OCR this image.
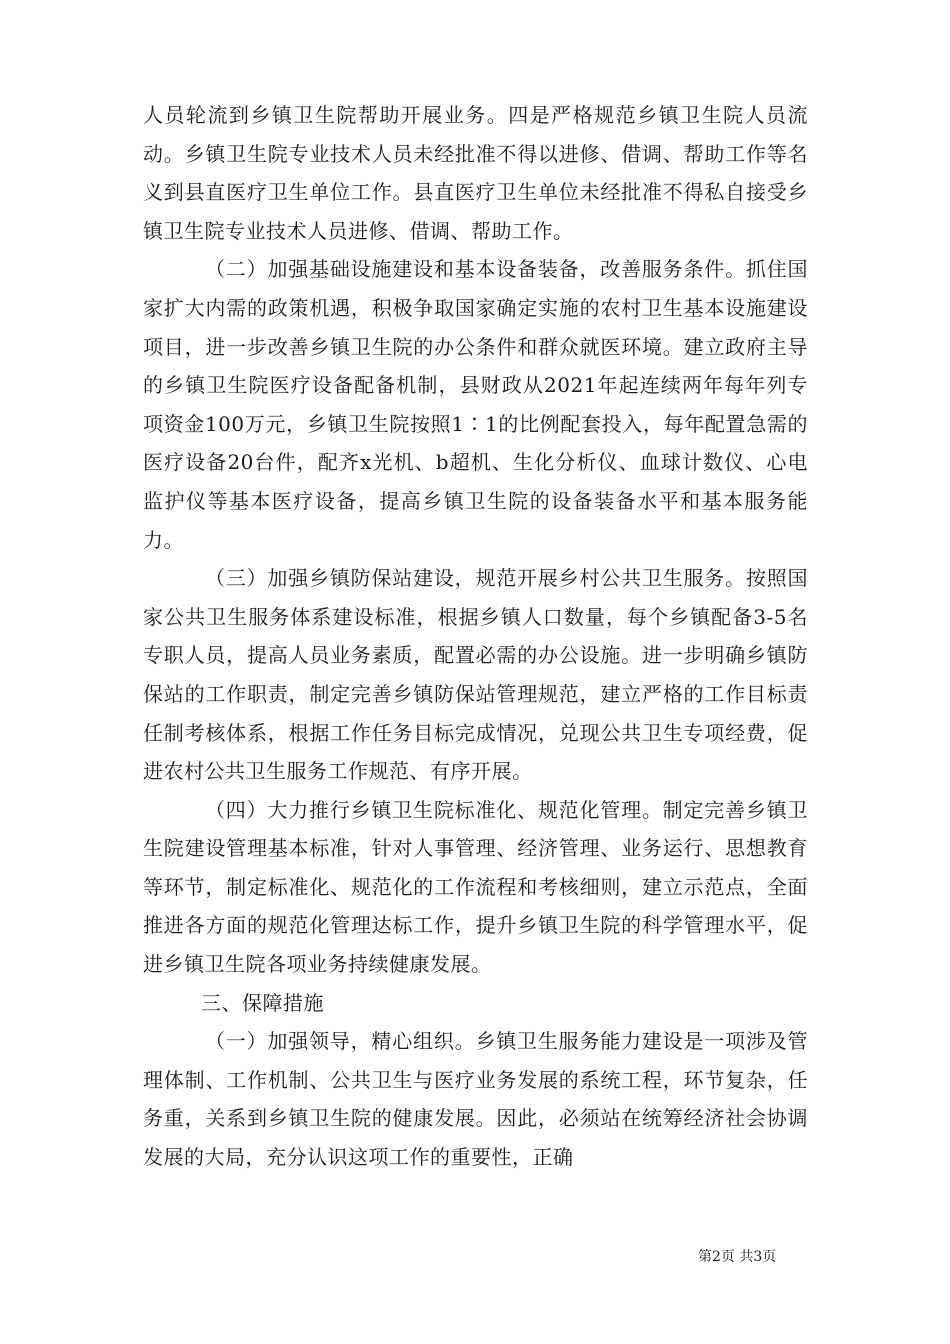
人员轮流到乡镇卫生院帮助开展业务。四是严格规范乡镇卫生院人员流动。乡镇卫生院专业技术人员未经批准不得以进修、借调、帮助工作等名义到县直医疗卫生单位工作。县直医疗卫生单位未经批准不得私自接受乡镇卫生院专业技术人员进修、借调、帮助工作。

（二）加强基础设施建设和基本设备装备，改善服务条件。抓住国家扩大内需的政策机遇，积极争取国家确定实施的农村卫生基本设施建设项目，进一步改善乡镇卫生院的办公条件和群众就医环境。建立政府主导的乡镇卫生院医疗设备配备机制，县财政从2021年起连续两年每年列专项资金100万元，乡镇卫生院按照1∶1的比例配套投入，每年配置急需的医疗设备20台件，配齐x光机、b超机、生化分析仪、血球计数仪、心电监护仪等基本医疗设备，提高乡镇卫生院的设备装备水平和基本服务能力。

（三）加强乡镇防保站建设，规范开展乡村公共卫生服务。按照国家公共卫生服务体系建设标准，根据乡镇人口数量，每个乡镇配备3-5名专职人员，提高人员业务素质，配置必需的办公设施。进一步明确乡镇防保站的工作职责，制定完善乡镇防保站管理规范，建立严格的工作目标责任制考核体系，根据工作任务目标完成情况，兑现公共卫生专项经费，促进农村公共卫生服务工作规范、有序开展。

（四）大力推行乡镇卫生院标准化、规范化管理。制定完善乡镇卫生院建设管理基本标准，针对人事管理、经济管理、业务运行、思想教育等环节，制定标准化、规范化的工作流程和考核细则，建立示范点，全面推进各方面的规范化管理达标工作，提升乡镇卫生院的科学管理水平，促进乡镇卫生院各项业务持续健康发展。

三、保障措施

（一）加强领导，精心组织。乡镇卫生服务能力建设是一项涉及管理体制、工作机制、公共卫生与医疗业务发展的系统工程，环节复杂，任务重，关系到乡镇卫生院的健康发展。因此，必须站在统筹经济社会协调发展的大局，充分认识这项工作的重要性，正确

第2页 共3页
